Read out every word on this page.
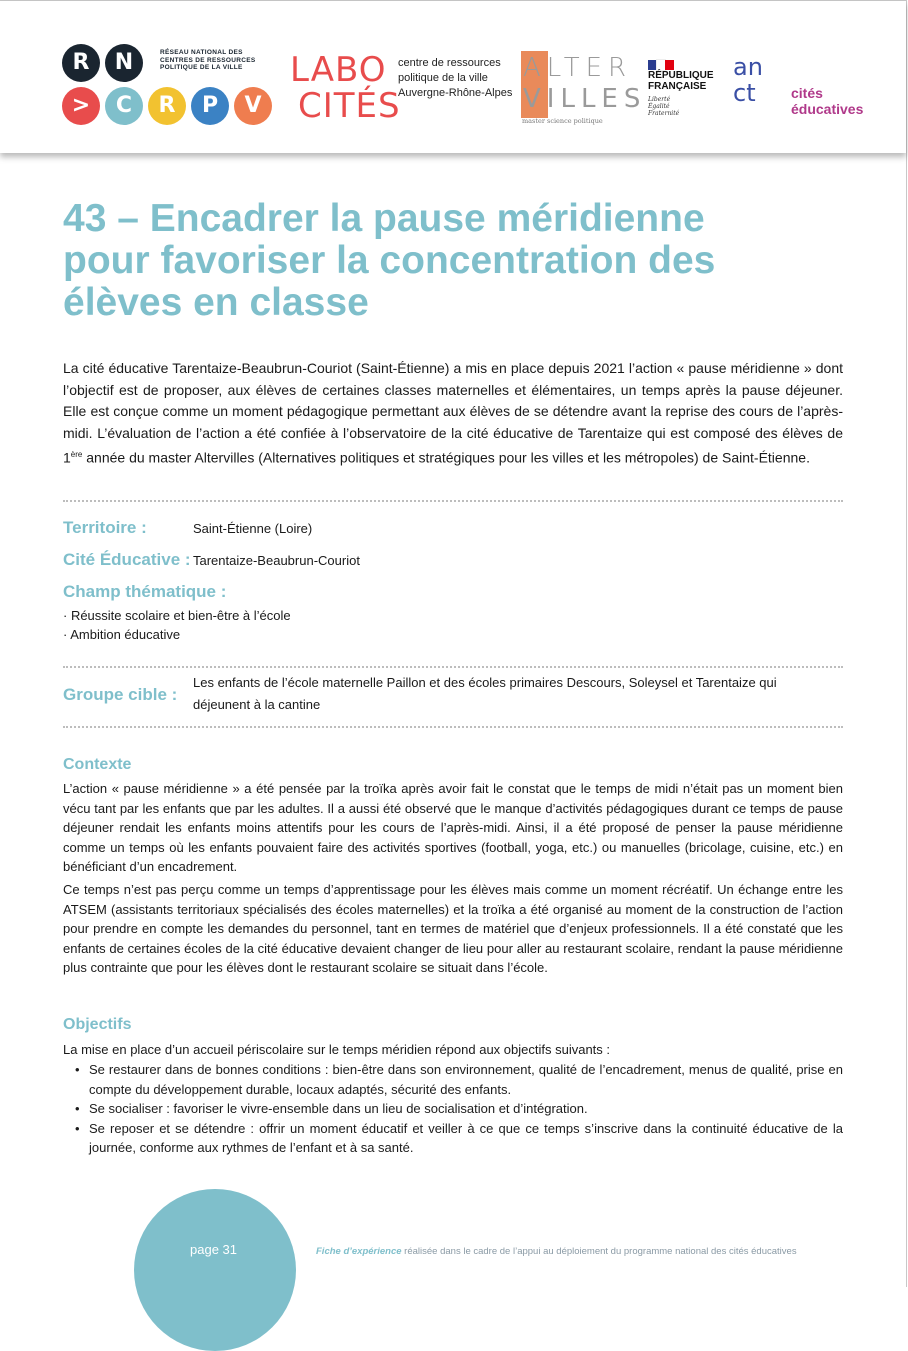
R	N
>	C	R	P	V
RÉSEAU NATIONAL DES
CENTRES DE RESSOURCES
POLITIQUE DE LA VILLE	LABO
CITÉS
centre de ressources
politique de la ville
Auvergne-Rhône-Alpes
ALTER
VILLES
master science politique
RÉPUBLIQUE
FRANÇAISE
Liberté
Égalité
Fraternité
an
ct	cités
éducatives
43 – Encadrer la pause méridienne
pour favoriser la concentration des
élèves en classe

La cité éducative Tarentaize-Beaubrun-Couriot (Saint-Étienne) a mis en place depuis 2021 l’action « pause méridienne » dont l’objectif est de proposer, aux élèves de certaines classes maternelles et élémentaires, un temps après la pause déjeuner. Elle est conçue comme un moment pédagogique permettant aux élèves de se détendre avant la reprise des cours de l’après-midi. L’évaluation de l’action a été confiée à l’observatoire de la cité éducative de Tarentaize qui est composé des élèves de 1ère année du master Altervilles (Alternatives politiques et stratégiques pour les villes et les métropoles) de Saint-Étienne.

Territoire :	Saint-Étienne (Loire)
Cité Éducative : Tarentaize-Beaubrun-Couriot
Champ thématique :
· Réussite scolaire et bien-être à l’école
· Ambition éducative
Groupe cible :
Les enfants de l’école maternelle Paillon et des écoles primaires Descours, Soleysel et Tarentaize qui
déjeunent à la cantine
Contexte

L’action « pause méridienne » a été pensée par la troïka après avoir fait le constat que le temps de midi n’était pas un moment bien vécu tant par les enfants que par les adultes. Il a aussi été observé que le manque d’activités pédagogiques durant ce temps de pause déjeuner rendait les enfants moins attentifs pour les cours de l’après-midi. Ainsi, il a été proposé de penser la pause méridienne comme un temps où les enfants pouvaient faire des activités sportives (football, yoga, etc.) ou manuelles (bricolage, cuisine, etc.) en bénéficiant d’un encadrement.

Ce temps n’est pas perçu comme un temps d’apprentissage pour les élèves mais comme un moment récréatif. Un échange entre les ATSEM (assistants territoriaux spécialisés des écoles maternelles) et la troïka a été organisé au moment de la construction de l’action pour prendre en compte les demandes du personnel, tant en termes de matériel que d’enjeux professionnels. Il a été constaté que les enfants de certaines écoles de la cité éducative devaient changer de lieu pour aller au restaurant scolaire, rendant la pause méridienne plus contrainte que pour les élèves dont le restaurant scolaire se situait dans l’école.

Objectifs

La mise en place d’un accueil périscolaire sur le temps méridien répond aux objectifs suivants :

• Se restaurer dans de bonnes conditions : bien-être dans son environnement, qualité de l’encadrement, menus de qualité, prise en compte du développement durable, locaux adaptés, sécurité des enfants.
• Se socialiser : favoriser le vivre-ensemble dans un lieu de socialisation et d’intégration.
• Se reposer et se détendre : offrir un moment éducatif et veiller à ce que ce temps s’inscrive dans la continuité éducative de la journée, conforme aux rythmes de l’enfant et à sa santé.
page 31	Fiche d’expérience réalisée dans le cadre de l’appui au déploiement du programme national des cités éducatives
